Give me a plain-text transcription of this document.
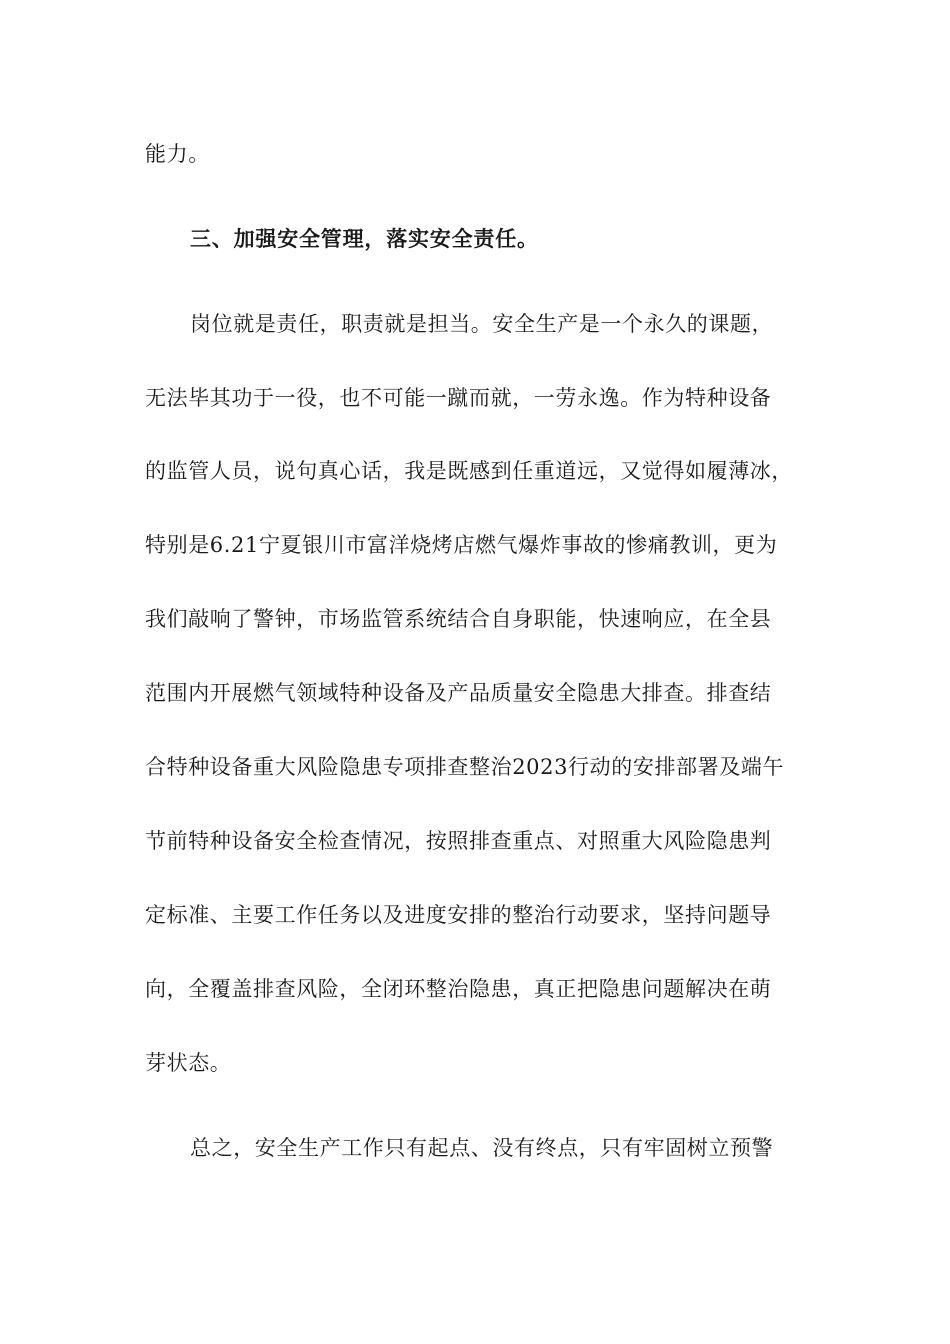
能力。
三、加强安全管理，落实安全责任。
岗位就是责任，职责就是担当。安全生产是一个永久的课题，
无法毕其功于一役，也不可能一蹴而就，一劳永逸。作为特种设备
的监管人员，说句真心话，我是既感到任重道远，又觉得如履薄冰，
特别是6.21宁夏银川市富洋烧烤店燃气爆炸事故的惨痛教训，更为
我们敲响了警钟，市场监管系统结合自身职能，快速响应，在全县
范围内开展燃气领域特种设备及产品质量安全隐患大排查。排查结
合特种设备重大风险隐患专项排查整治2023行动的安排部署及端午
节前特种设备安全检查情况，按照排查重点、对照重大风险隐患判
定标准、主要工作任务以及进度安排的整治行动要求，坚持问题导
向，全覆盖排查风险，全闭环整治隐患，真正把隐患问题解决在萌
芽状态。
总之，安全生产工作只有起点、没有终点，只有牢固树立预警
